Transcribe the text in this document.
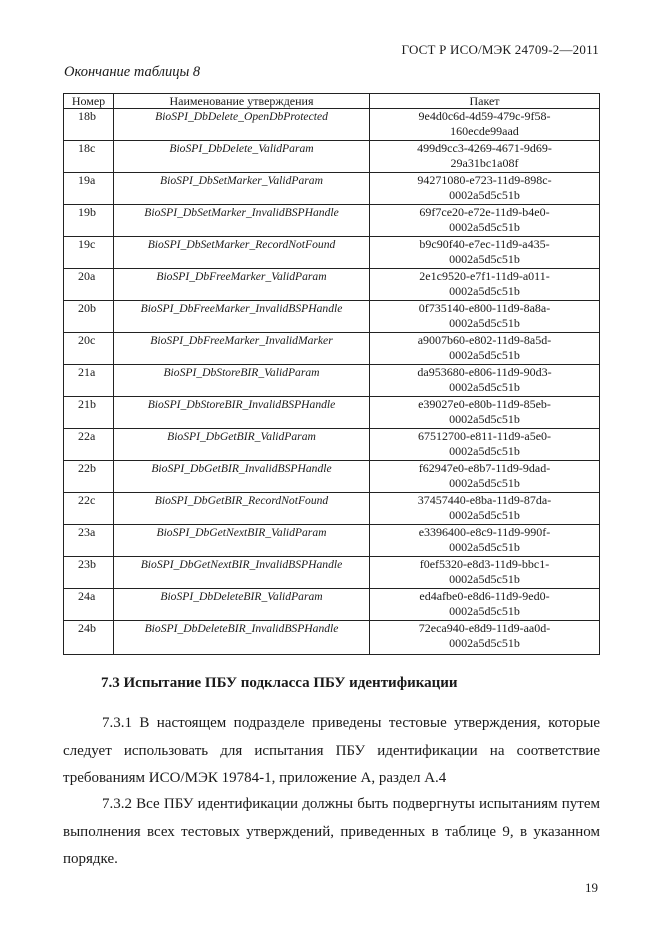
ГОСТ Р ИСО/МЭК 24709-2—2011
Окончание таблицы 8
Номер	Наименование утверждения	Пакет
18b	BioSPI_DbDelete_OpenDbProtected	9e4d0c6d-4d59-479c-9f58-
160ecde99aad
18c	BioSPI_DbDelete_ValidParam	499d9cc3-4269-4671-9d69-
29a31bc1a08f
19a	BioSPI_DbSetMarker_ValidParam	94271080-e723-11d9-898c-
0002a5d5c51b
19b	BioSPI_DbSetMarker_InvalidBSPHandle	69f7ce20-e72e-11d9-b4e0-
0002a5d5c51b
19c	BioSPI_DbSetMarker_RecordNotFound	b9c90f40-e7ec-11d9-a435-
0002a5d5c51b
20a	BioSPI_DbFreeMarker_ValidParam	2e1c9520-e7f1-11d9-a011-
0002a5d5c51b
20b	BioSPI_DbFreeMarker_InvalidBSPHandle	0f735140-e800-11d9-8a8a-
0002a5d5c51b
20c	BioSPI_DbFreeMarker_InvalidMarker	a9007b60-e802-11d9-8a5d-
0002a5d5c51b
21a	BioSPI_DbStoreBIR_ValidParam	da953680-e806-11d9-90d3-
0002a5d5c51b
21b	BioSPI_DbStoreBIR_InvalidBSPHandle	e39027e0-e80b-11d9-85eb-
0002a5d5c51b
22a	BioSPI_DbGetBIR_ValidParam	67512700-e811-11d9-a5e0-
0002a5d5c51b
22b	BioSPI_DbGetBIR_InvalidBSPHandle	f62947e0-e8b7-11d9-9dad-
0002a5d5c51b
22c	BioSPI_DbGetBIR_RecordNotFound	37457440-e8ba-11d9-87da-
0002a5d5c51b
23a	BioSPI_DbGetNextBIR_ValidParam	e3396400-e8c9-11d9-990f-
0002a5d5c51b
23b	BioSPI_DbGetNextBIR_InvalidBSPHandle	f0ef5320-e8d3-11d9-bbc1-
0002a5d5c51b
24a	BioSPI_DbDeleteBIR_ValidParam	ed4afbe0-e8d6-11d9-9ed0-
0002a5d5c51b
24b	BioSPI_DbDeleteBIR_InvalidBSPHandle	72eca940-e8d9-11d9-aa0d-
0002a5d5c51b
7.3 Испытание ПБУ подкласса ПБУ идентификации
7.3.1 В настоящем подразделе приведены тестовые утверждения, которые следует использовать для испытания ПБУ идентификации на соответствие требованиям ИСО/МЭК 19784-1, приложение А, раздел А.4
7.3.2 Все ПБУ идентификации должны быть подвергнуты испытаниям путем выполнения всех тестовых утверждений, приведенных в таблице 9, в указанном порядке.
19
